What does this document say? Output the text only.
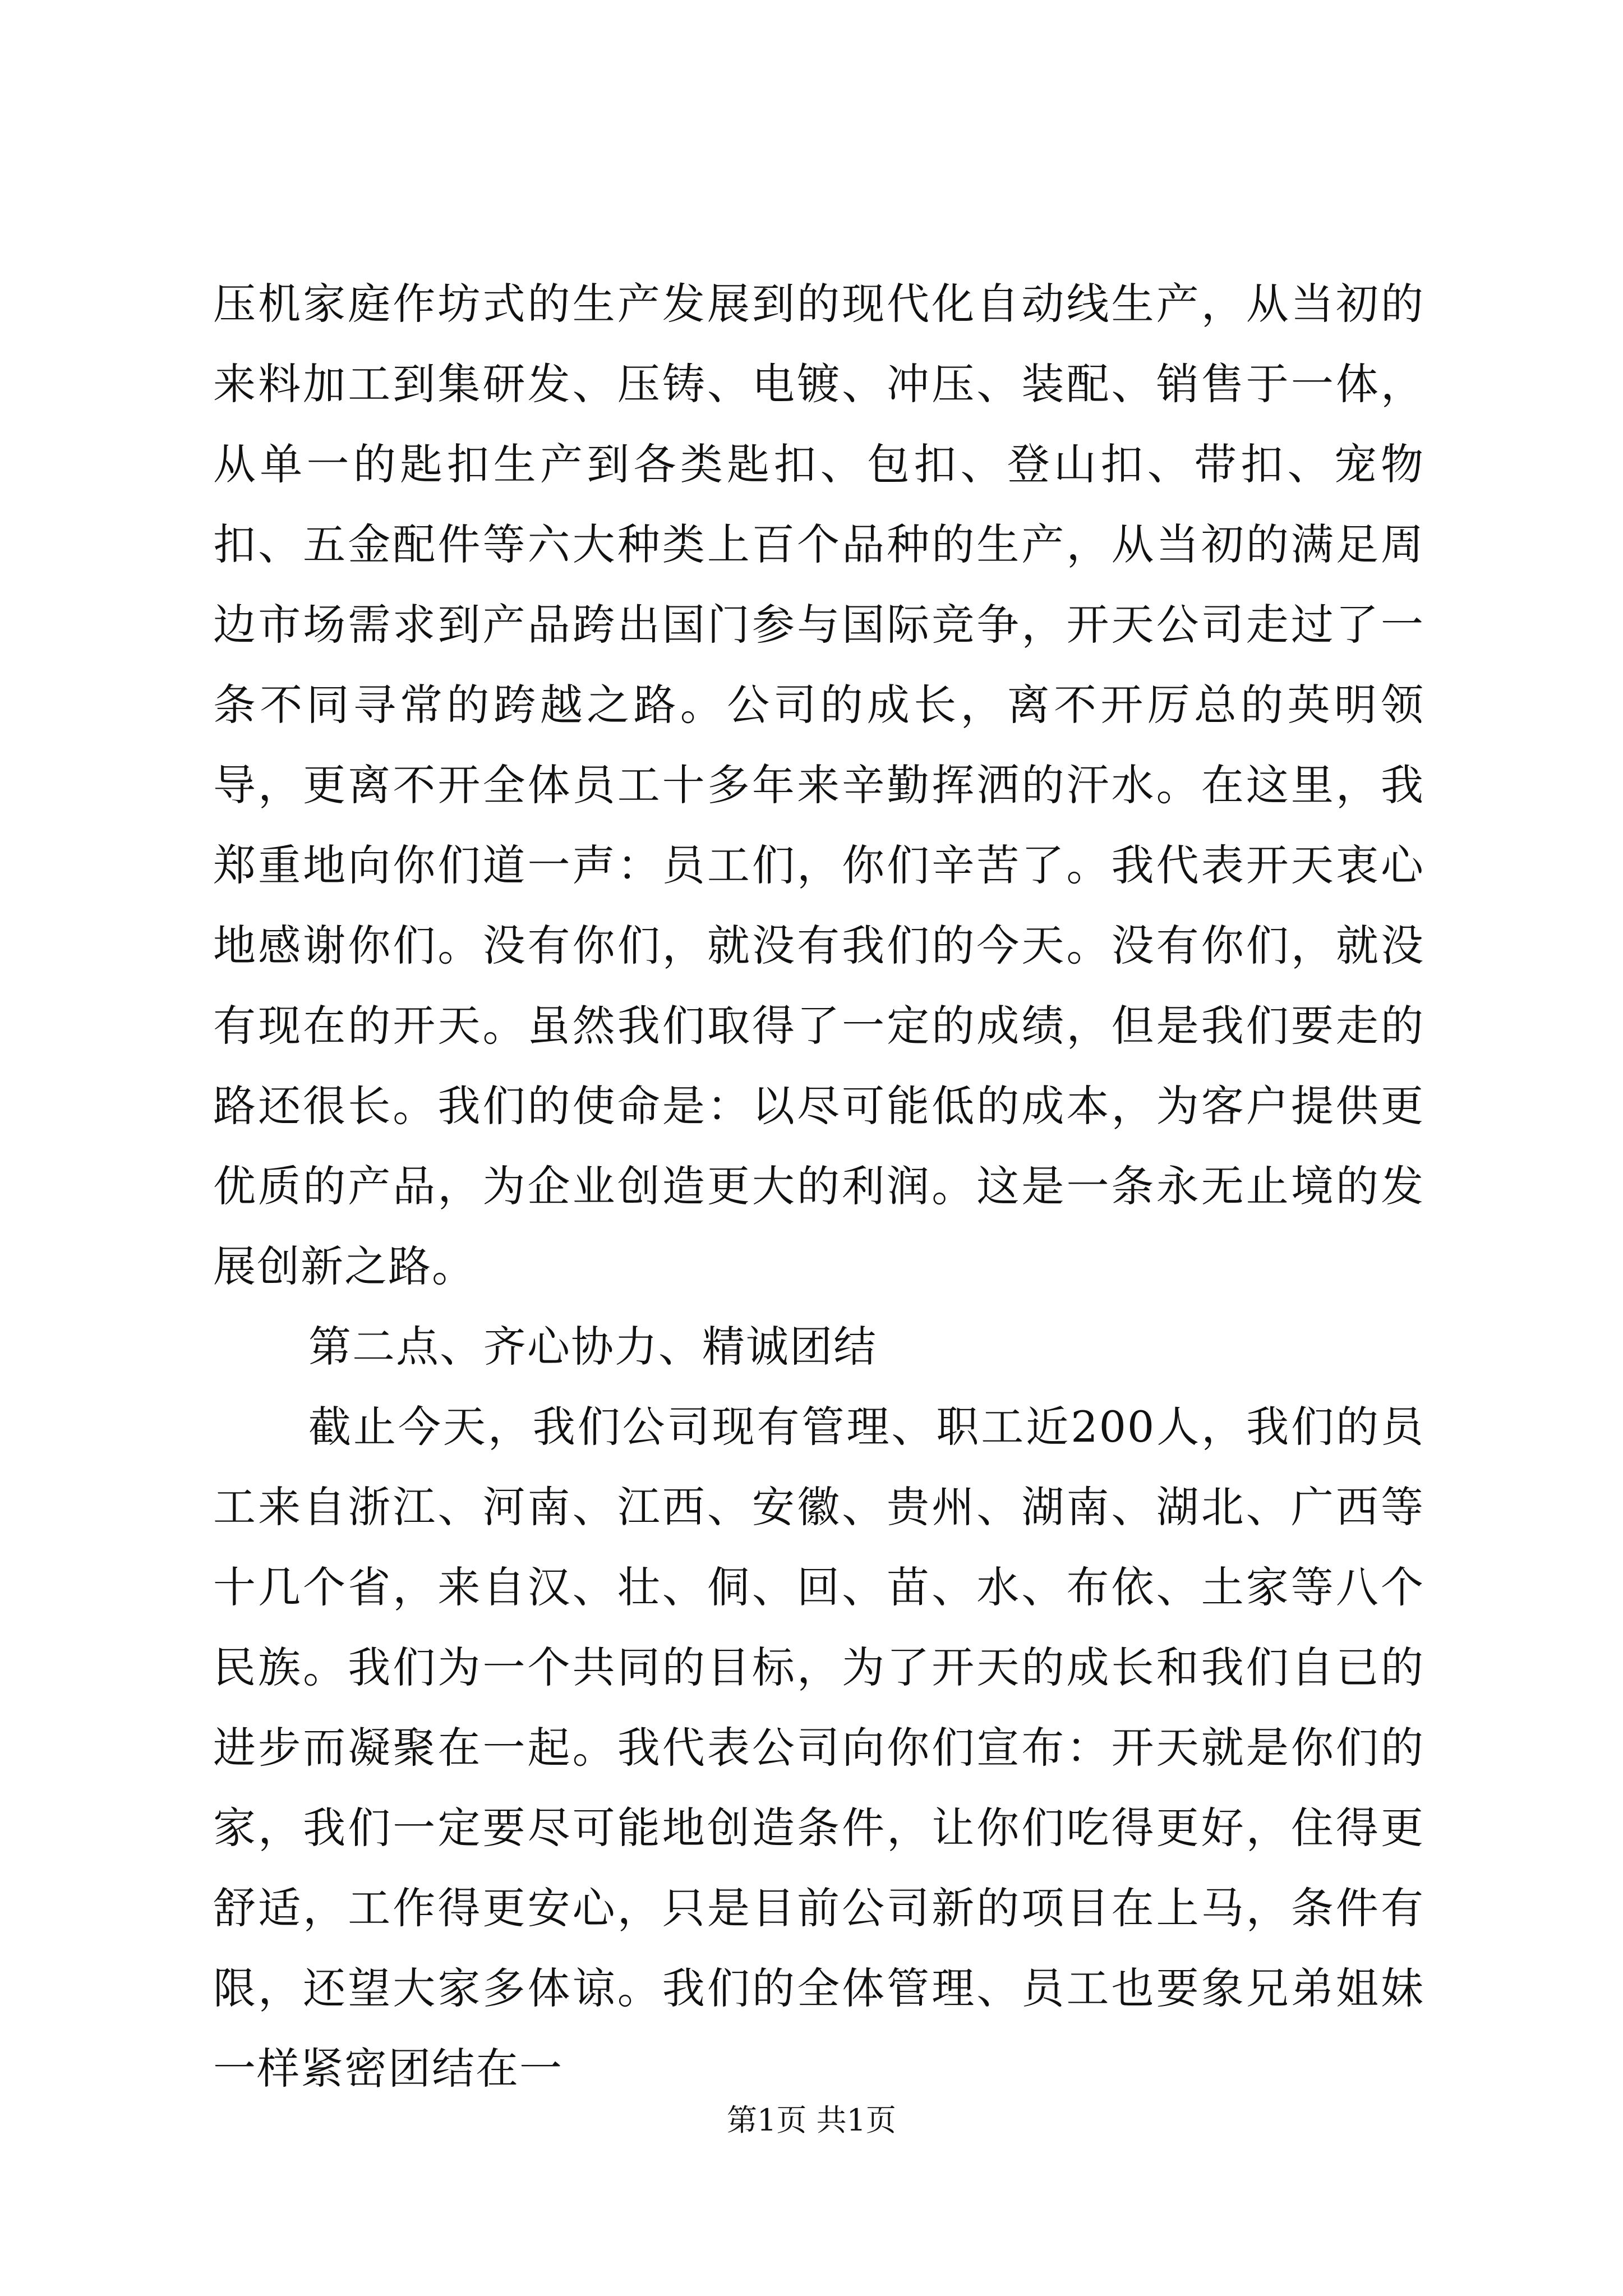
压机家庭作坊式的生产发展到的现代化自动线生产，从当初的来料加工到集研发、压铸、电镀、冲压、装配、销售于一体，从单一的匙扣生产到各类匙扣、包扣、登山扣、带扣、宠物扣、五金配件等六大种类上百个品种的生产，从当初的满足周边市场需求到产品跨出国门参与国际竞争，开天公司走过了一条不同寻常的跨越之路。公司的成长，离不开厉总的英明领导，更离不开全体员工十多年来辛勤挥洒的汗水。在这里，我郑重地向你们道一声：员工们，你们辛苦了。我代表开天衷心地感谢你们。没有你们，就没有我们的今天。没有你们，就没有现在的开天。虽然我们取得了一定的成绩，但是我们要走的路还很长。我们的使命是：以尽可能低的成本，为客户提供更优质的产品，为企业创造更大的利润。这是一条永无止境的发展创新之路。

第二点、齐心协力、精诚团结

截止今天，我们公司现有管理、职工近200人，我们的员工来自浙江、河南、江西、安徽、贵州、湖南、湖北、广西等十几个省，来自汉、壮、侗、回、苗、水、布依、土家等八个民族。我们为一个共同的目标，为了开天的成长和我们自已的进步而凝聚在一起。我代表公司向你们宣布：开天就是你们的家，我们一定要尽可能地创造条件，让你们吃得更好，住得更舒适，工作得更安心，只是目前公司新的项目在上马，条件有限，还望大家多体谅。我们的全体管理、员工也要象兄弟姐妹一样紧密团结在一

第1页 共1页
